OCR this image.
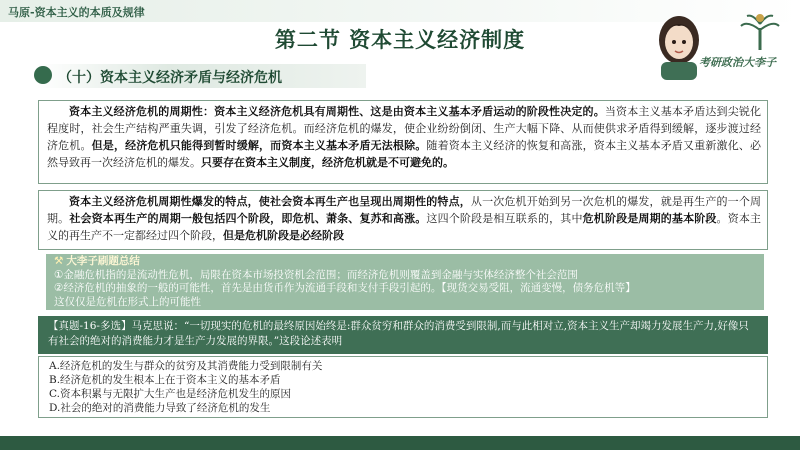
马原-资本主义的本质及规律
第二节 资本主义经济制度
考研政治大李子
（十）资本主义经济矛盾与经济危机

资本主义经济危机的周期性：资本主义经济危机具有周期性、这是由资本主义基本矛盾运动的阶段性决定的。当资本主义基本矛盾达到尖锐化程度时，社会生产结构严重失调，引发了经济危机。而经济危机的爆发，使企业纷纷倒闭、生产大幅下降、从而使供求矛盾得到缓解，逐步渡过经济危机。但是，经济危机只能得到暂时缓解，而资本主义基本矛盾无法根除。随着资本主义经济的恢复和高涨，资本主义基本矛盾又重新激化、必然导致再一次经济危机的爆发。只要存在资本主义制度，经济危机就是不可避免的。

资本主义经济危机周期性爆发的特点，使社会资本再生产也呈现出周期性的特点，从一次危机开始到另一次危机的爆发，就是再生产的一个周期。社会资本再生产的周期一般包括四个阶段，即危机、萧条、复苏和高涨。这四个阶段是相互联系的，其中危机阶段是周期的基本阶段。资本主义的再生产不一定都经过四个阶段，但是危机阶段是必经阶段

⚒ 大李子刷题总结
①金融危机指的是流动性危机，局限在资本市场投资机会范围；而经济危机则覆盖到金融与实体经济整个社会范围
②经济危机的抽象的一般的可能性，首先是由货币作为流通手段和支付手段引起的。【现货交易受阻，流通变慢，债务危机等】
这仅仅是危机在形式上的可能性
【真题-16-多选】马克思说：“一切现实的危机的最终原因始终是:群众贫穷和群众的消费受到限制,而与此相对立,资本主义生产却竭力发展生产力,好像只有社会的绝对的消费能力才是生产力发展的界限。”这段论述表明
A.经济危机的发生与群众的贫穷及其消费能力受到限制有关
B.经济危机的发生根本上在于资本主义的基本矛盾
C.资本积累与无限扩大生产也是经济危机发生的原因
D.社会的绝对的消费能力导致了经济危机的发生
